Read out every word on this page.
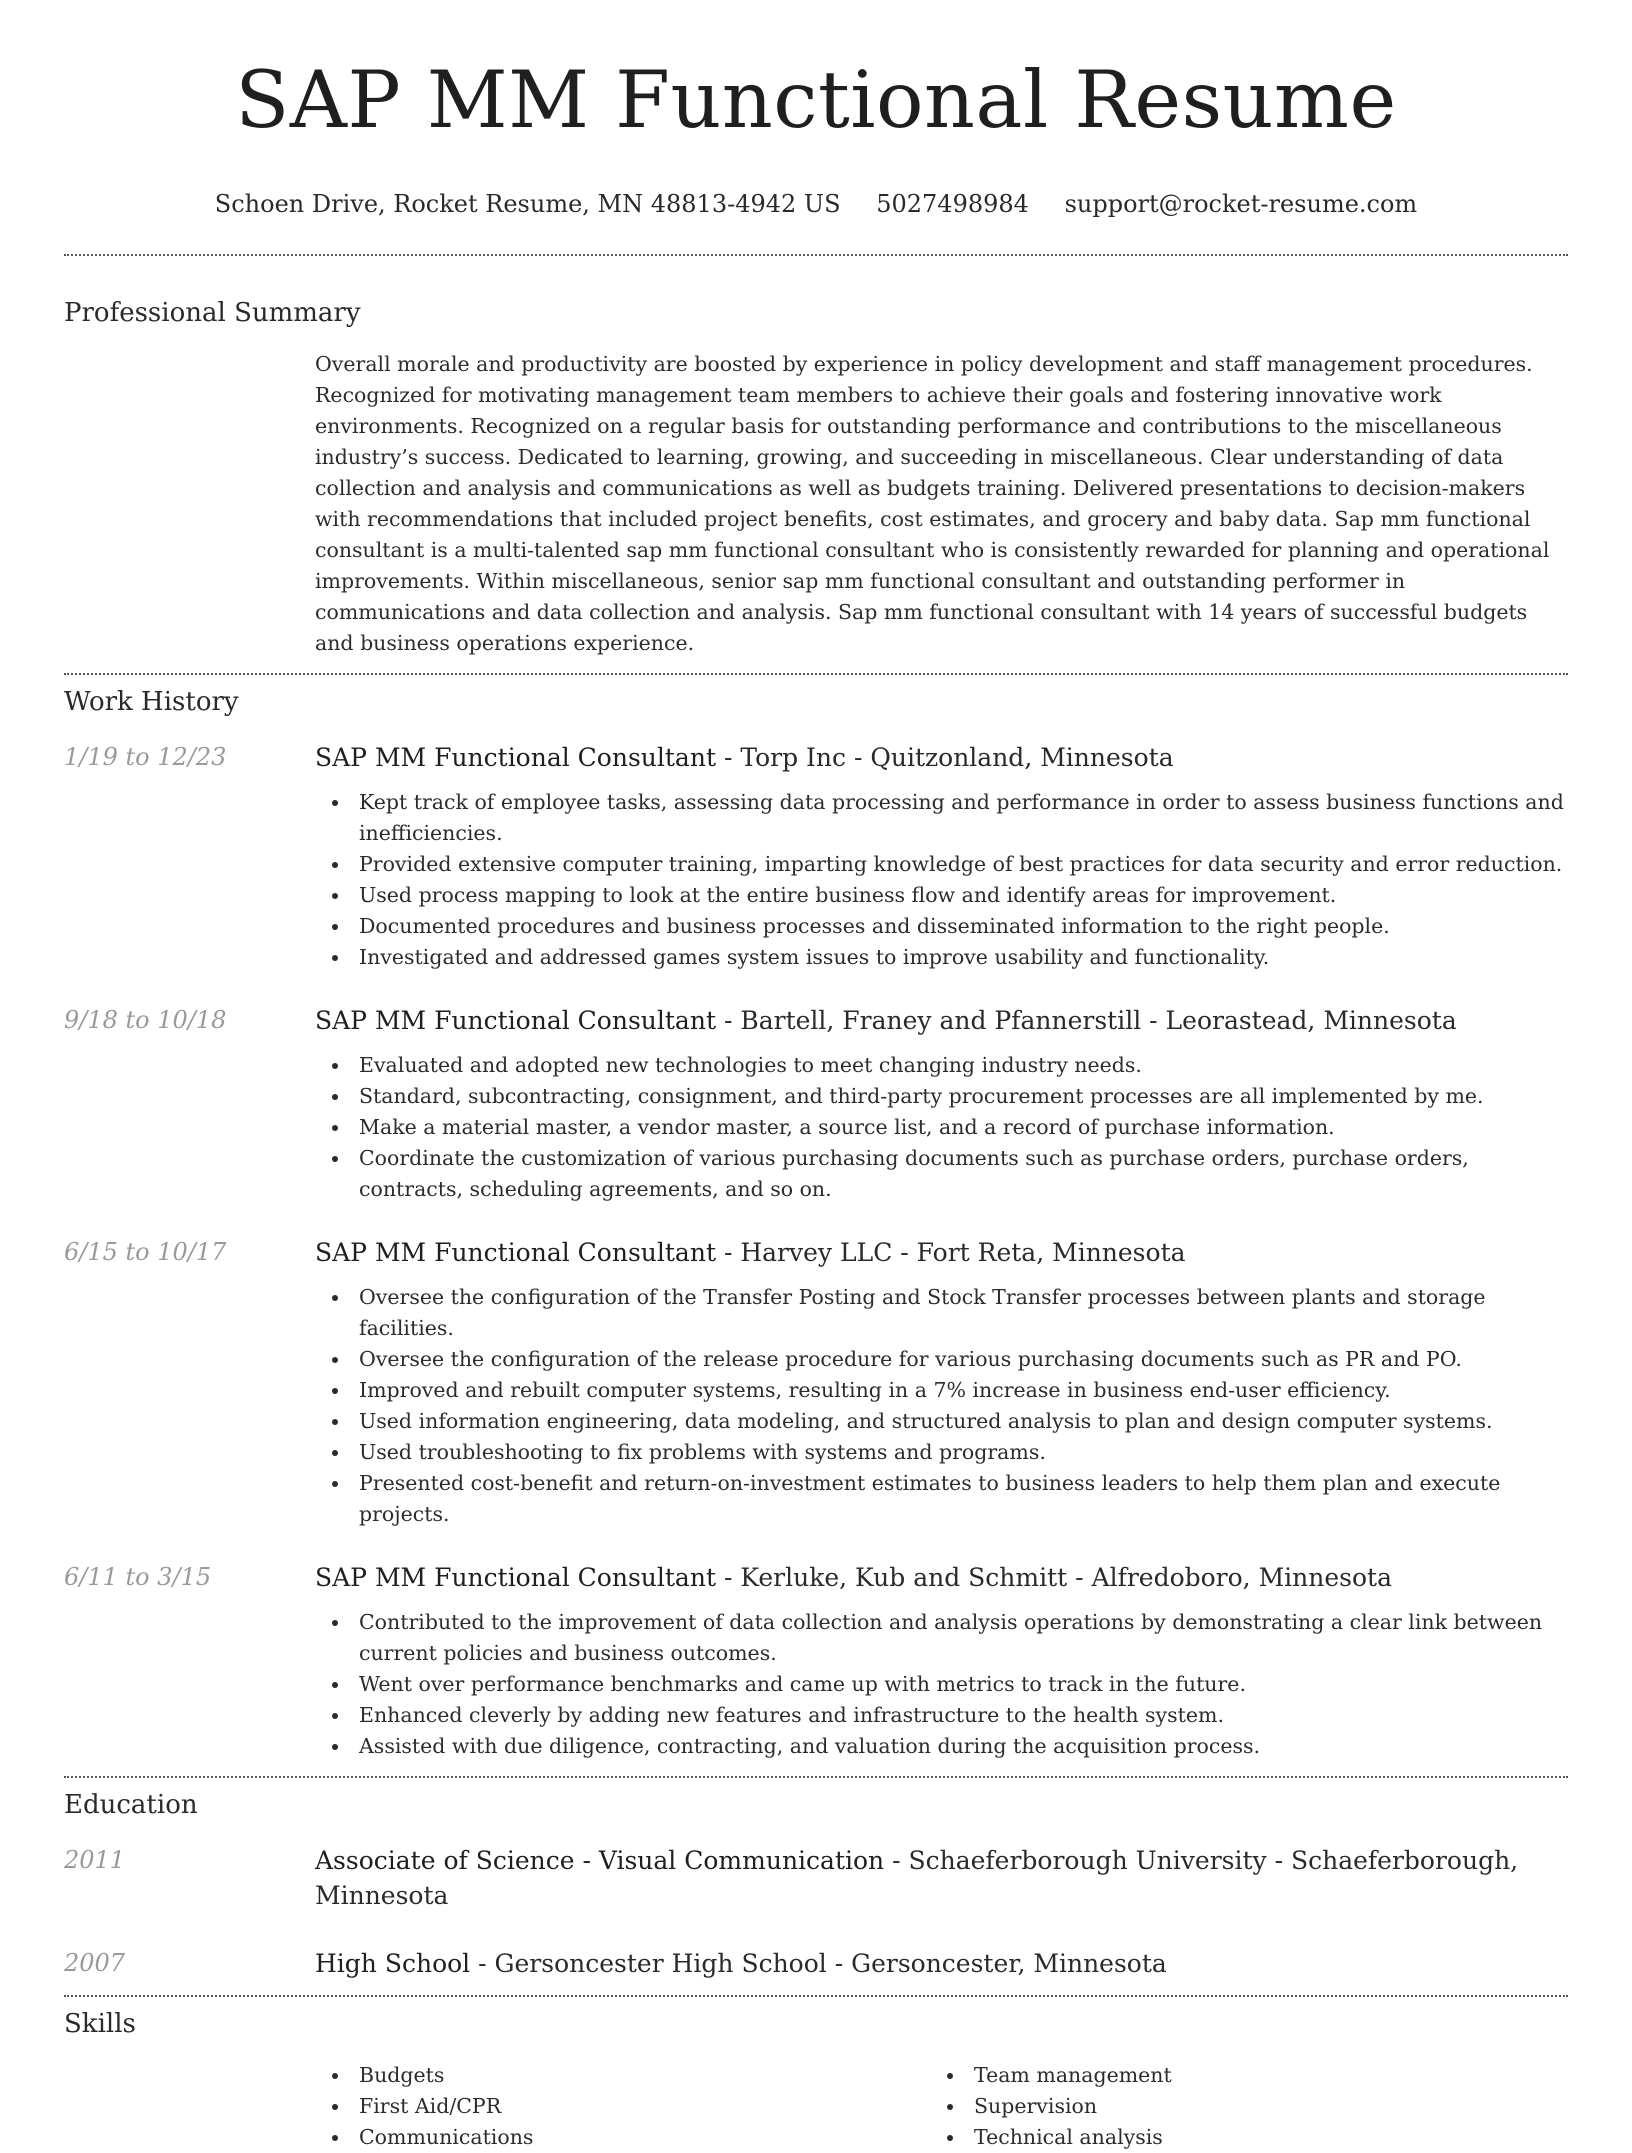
SAP MM Functional Resume
Schoen Drive, Rocket Resume, MN 48813-4942 US 5027498984 support@rocket-resume.com
Professional Summary
Overall morale and productivity are boosted by experience in policy development and staff management procedures. Recognized for motivating management team members to achieve their goals and fostering innovative work environments. Recognized on a regular basis for outstanding performance and contributions to the miscellaneous industry’s success. Dedicated to learning, growing, and succeeding in miscellaneous. Clear understanding of data collection and analysis and communications as well as budgets training. Delivered presentations to decision-makers with recommendations that included project benefits, cost estimates, and grocery and baby data. Sap mm functional consultant is a multi-talented sap mm functional consultant who is consistently rewarded for planning and operational improvements. Within miscellaneous, senior sap mm functional consultant and outstanding performer in communications and data collection and analysis. Sap mm functional consultant with 14 years of successful budgets and business operations experience.
Work History
1/19 to 12/23	SAP MM Functional Consultant - Torp Inc - Quitzonland, Minnesota
Kept track of employee tasks, assessing data processing and performance in order to assess business functions and inefficiencies.
Provided extensive computer training, imparting knowledge of best practices for data security and error reduction.
Used process mapping to look at the entire business flow and identify areas for improvement.
Documented procedures and business processes and disseminated information to the right people.
Investigated and addressed games system issues to improve usability and functionality.
9/18 to 10/18	SAP MM Functional Consultant - Bartell, Franey and Pfannerstill - Leorastead, Minnesota
Evaluated and adopted new technologies to meet changing industry needs.
Standard, subcontracting, consignment, and third-party procurement processes are all implemented by me.
Make a material master, a vendor master, a source list, and a record of purchase information.
Coordinate the customization of various purchasing documents such as purchase orders, purchase orders, contracts, scheduling agreements, and so on.
6/15 to 10/17	SAP MM Functional Consultant - Harvey LLC - Fort Reta, Minnesota
Oversee the configuration of the Transfer Posting and Stock Transfer processes between plants and storage facilities.
Oversee the configuration of the release procedure for various purchasing documents such as PR and PO.
Improved and rebuilt computer systems, resulting in a 7% increase in business end-user efficiency.
Used information engineering, data modeling, and structured analysis to plan and design computer systems.
Used troubleshooting to fix problems with systems and programs.
Presented cost-benefit and return-on-investment estimates to business leaders to help them plan and execute projects.
6/11 to 3/15	SAP MM Functional Consultant - Kerluke, Kub and Schmitt - Alfredoboro, Minnesota
Contributed to the improvement of data collection and analysis operations by demonstrating a clear link between current policies and business outcomes.
Went over performance benchmarks and came up with metrics to track in the future.
Enhanced cleverly by adding new features and infrastructure to the health system.
Assisted with due diligence, contracting, and valuation during the acquisition process.
Education
2011	Associate of Science - Visual Communication - Schaeferborough University - Schaeferborough, Minnesota
2007	High School - Gersoncester High School - Gersoncester, Minnesota
Skills
Budgets
First Aid/CPR
Communications
Team management
Supervision
Technical analysis
